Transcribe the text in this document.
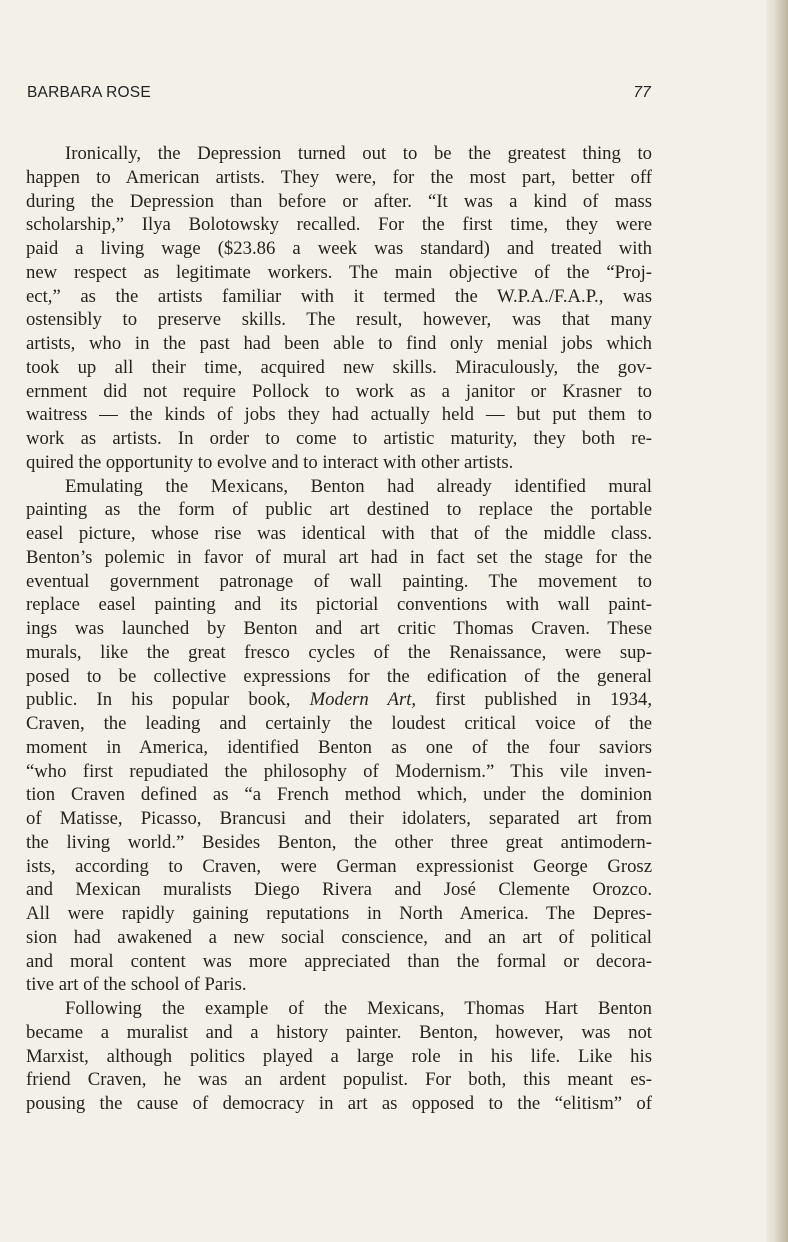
BARBARA ROSE	77
Ironically, the Depression turned out to be the greatest thing to
happen to American artists. They were, for the most part, better off
during the Depression than before or after. “It was a kind of mass
scholarship,” Ilya Bolotowsky recalled. For the first time, they were
paid a living wage ($23.86 a week was standard) and treated with
new respect as legitimate workers. The main objective of the “Proj-
ect,” as the artists familiar with it termed the W.P.A./F.A.P., was
ostensibly to preserve skills. The result, however, was that many
artists, who in the past had been able to find only menial jobs which
took up all their time, acquired new skills. Miraculously, the gov-
ernment did not require Pollock to work as a janitor or Krasner to
waitress — the kinds of jobs they had actually held — but put them to
work as artists. In order to come to artistic maturity, they both re-
quired the opportunity to evolve and to interact with other artists.
Emulating the Mexicans, Benton had already identified mural
painting as the form of public art destined to replace the portable
easel picture, whose rise was identical with that of the middle class.
Benton’s polemic in favor of mural art had in fact set the stage for the
eventual government patronage of wall painting. The movement to
replace easel painting and its pictorial conventions with wall paint-
ings was launched by Benton and art critic Thomas Craven. These
murals, like the great fresco cycles of the Renaissance, were sup-
posed to be collective expressions for the edification of the general
public. In his popular book, Modern Art, first published in 1934,
Craven, the leading and certainly the loudest critical voice of the
moment in America, identified Benton as one of the four saviors
“who first repudiated the philosophy of Modernism.” This vile inven-
tion Craven defined as “a French method which, under the dominion
of Matisse, Picasso, Brancusi and their idolaters, separated art from
the living world.” Besides Benton, the other three great antimodern-
ists, according to Craven, were German expressionist George Grosz
and Mexican muralists Diego Rivera and José Clemente Orozco.
All were rapidly gaining reputations in North America. The Depres-
sion had awakened a new social conscience, and an art of political
and moral content was more appreciated than the formal or decora-
tive art of the school of Paris.
Following the example of the Mexicans, Thomas Hart Benton
became a muralist and a history painter. Benton, however, was not
Marxist, although politics played a large role in his life. Like his
friend Craven, he was an ardent populist. For both, this meant es-
pousing the cause of democracy in art as opposed to the “elitism” of
